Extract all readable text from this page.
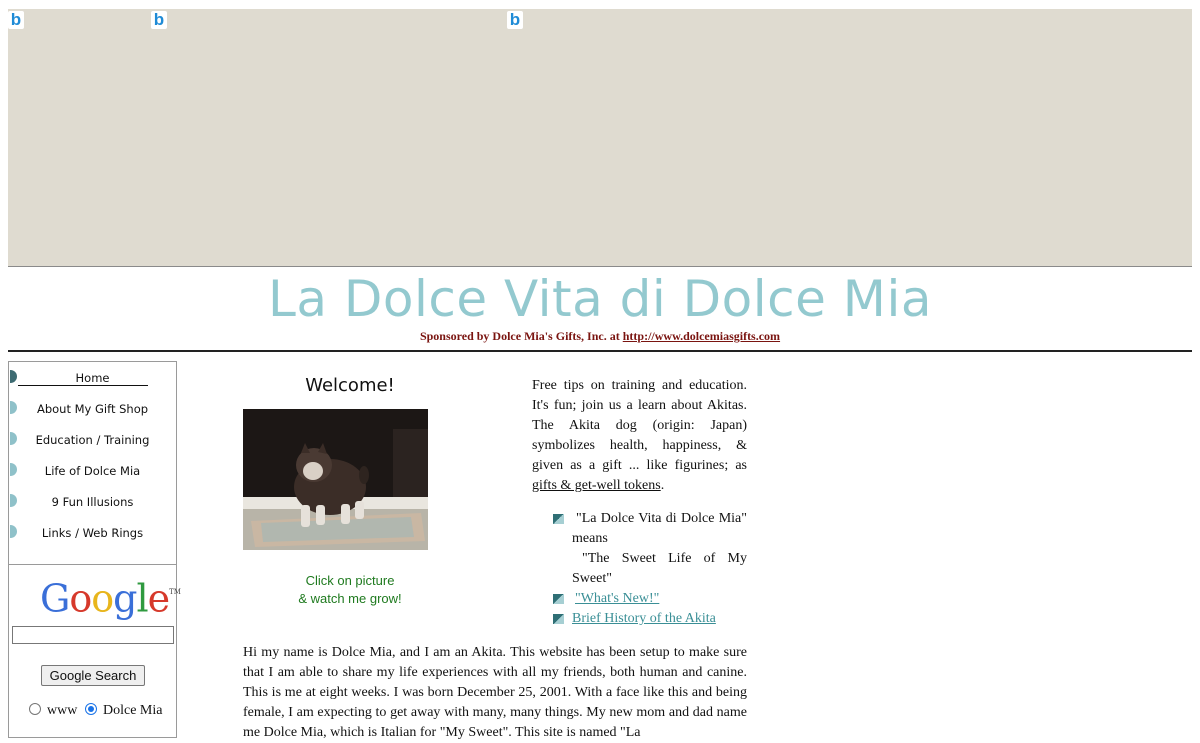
b	b	b
La Dolce Vita di Dolce Mia
Sponsored by Dolce Mia's Gifts, Inc. at http://www.dolcemiasgifts.com
Home
About My Gift Shop
Education / Training
Life of Dolce Mia
9 Fun Illusions
Links / Web Rings
Google™
Google Search
www	Dolce Mia
Welcome!
Click on picture
& watch me grow!
Free tips on training and education. It's fun; join us a learn about Akitas. The Akita dog (origin: Japan) symbolizes health, happiness, & given as a gift ... like figurines; as gifts & get-well tokens.
"La Dolce Vita di Dolce Mia" means
"The Sweet Life of My Sweet"
"What's New!"
Brief History of the Akita
Hi my name is Dolce Mia, and I am an Akita. This website has been setup to make sure that I am able to share my life experiences with all my friends, both human and canine. This is me at eight weeks. I was born December 25, 2001. With a face like this and being female, I am expecting to get away with many, many things. My new mom and dad name me Dolce Mia, which is Italian for "My Sweet". This site is named "La
